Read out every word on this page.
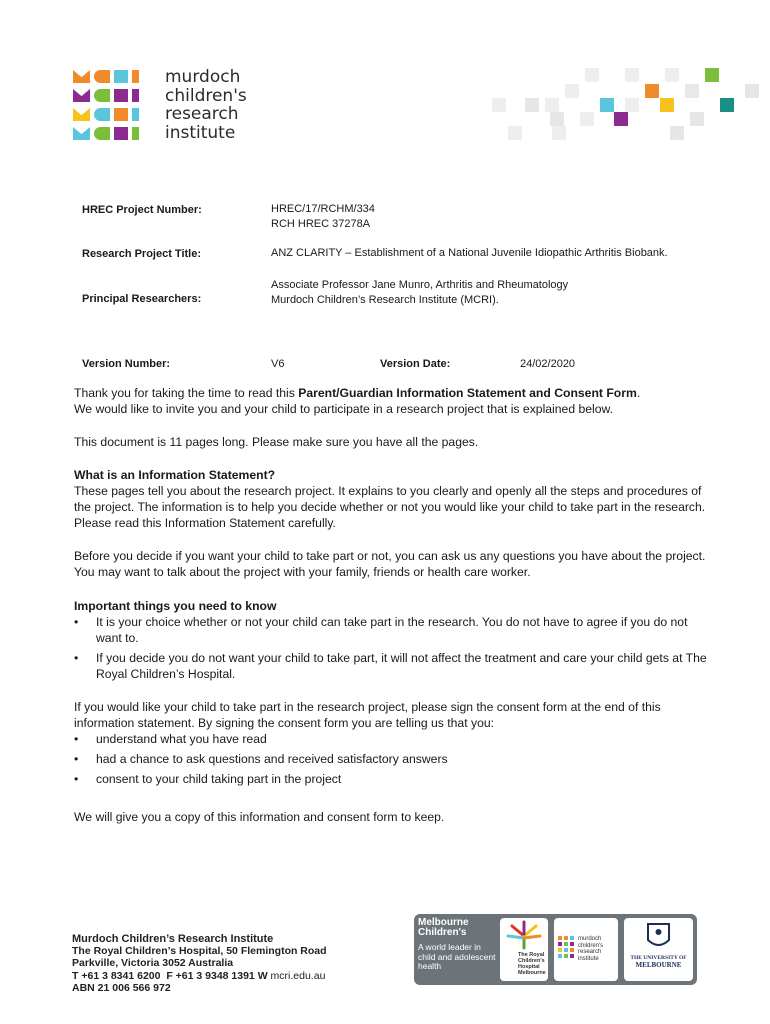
murdoch
children's
research
institute
HREC Project Number:	HREC/17/RCHM/334
RCH HREC 37278A
Research Project Title:	ANZ CLARITY – Establishment of a National Juvenile Idiopathic Arthritis Biobank.
Principal Researchers:
Associate Professor Jane Munro, Arthritis and Rheumatology
Murdoch Children’s Research Institute (MCRI).
Version Number:	V6	Version Date:	24/02/2020

Thank you for taking the time to read this Parent/Guardian Information Statement and Consent Form.

We would like to invite you and your child to participate in a research project that is explained below.

This document is 11 pages long. Please make sure you have all the pages.

What is an Information Statement?

These pages tell you about the research project. It explains to you clearly and openly all the steps and procedures of the project. The information is to help you decide whether or not you would like your child to take part in the research. Please read this Information Statement carefully.

Before you decide if you want your child to take part or not, you can ask us any questions you have about the project. You may want to talk about the project with your family, friends or health care worker.

Important things you need to know

• It is your choice whether or not your child can take part in the research. You do not have to agree if you do not want to.
• If you decide you do not want your child to take part, it will not affect the treatment and care your child gets at The Royal Children’s Hospital.

If you would like your child to take part in the research project, please sign the consent form at the end of this information statement. By signing the consent form you are telling us that you:

• understand what you have read
• had a chance to ask questions and received satisfactory answers
• consent to your child taking part in the project
We will give you a copy of this information and consent form to keep.
Murdoch Children’s Research Institute
The Royal Children’s Hospital, 50 Flemington Road
Parkville, Victoria 3052 Australia
T +61 3 8341 6200 F +61 3 9348 1391 W mcri.edu.au
ABN 21 006 566 972
Melbourne
Children's
A world leader in child and adolescent health
The Royal
Children's
Hospital
Melbourne
murdoch
children's
research
institute	THE UNIVERSITY OF
MELBOURNE
